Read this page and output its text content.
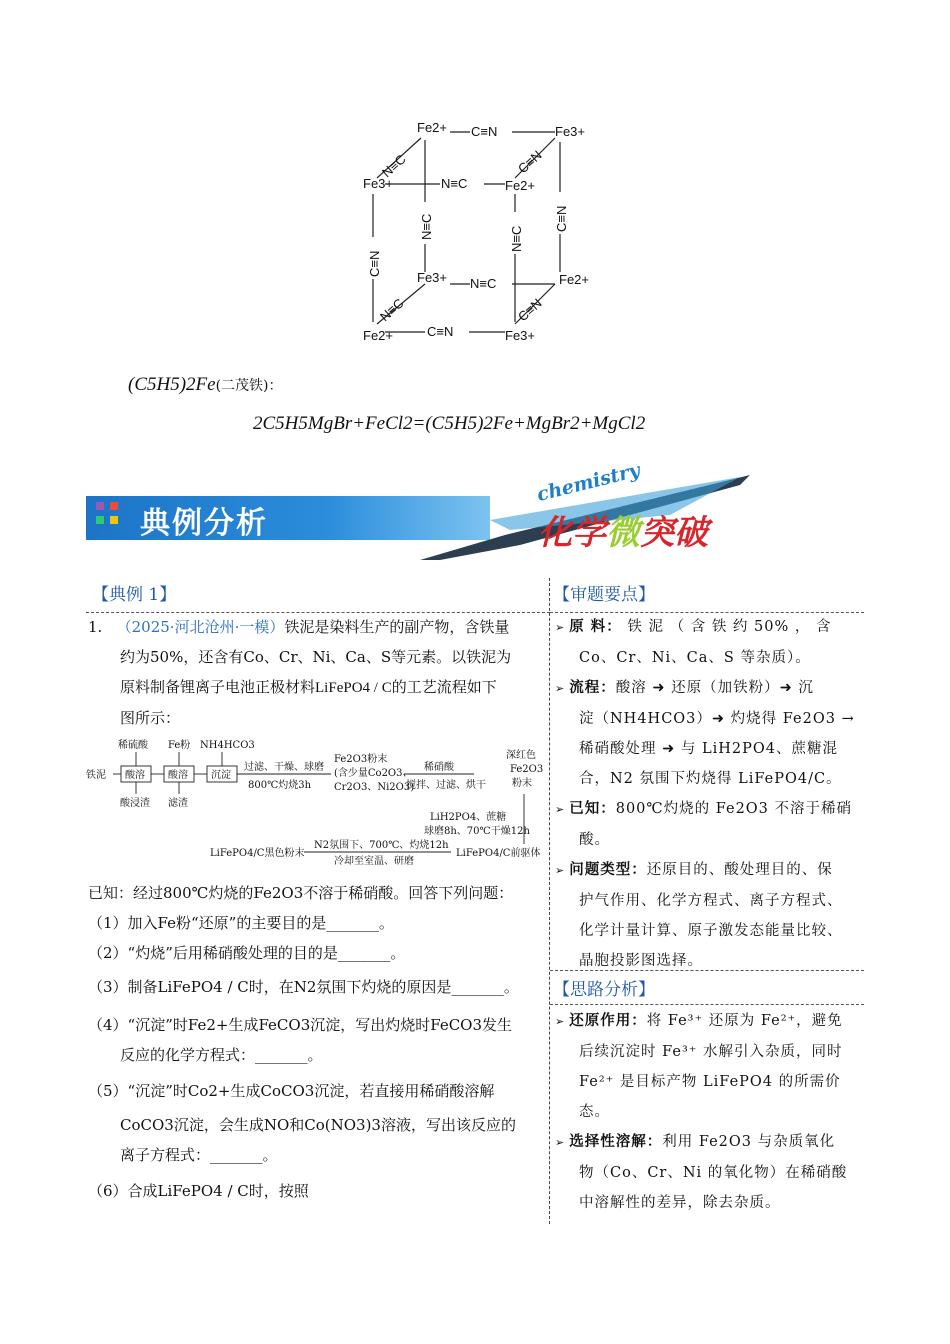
C≡N
N≡C
N≡C
C≡N
C≡N
N≡C
N≡C	C≡N
N≡C	C≡N
N≡C	C≡N
Fe2+	Fe3+
Fe3+	Fe2+
Fe3+	Fe2+
Fe2+	Fe3+
(C5H5)2Fe(二茂铁)：
2C5H5MgBr+FeCl2=(C5H5)2Fe+MgBr2+MgCl2
典例分析
chemistry
化学微突破
【典例 1】	【审题要点】
1. （2025·河北沧州·一模）铁泥是染料生产的副产物，含铁量
约为50%，还含有Co、Cr、Ni、Ca、S等元素。以铁泥为
原料制备锂离子电池正极材料LiFePO4 / C的工艺流程如下
图所示：
铁泥
稀硫酸 Fe粉 NH4HCO3
酸溶 酸溶 沉淀
酸浸渣 滤渣
过滤、干燥、球磨
800℃灼烧3h
Fe2O3粉末
(含少量Co2O3、
Cr2O3、Ni2O3)
稀硝酸
搅拌、过滤、烘干
深红色
Fe2O3
粉末
LiH2PO4、蔗糖
球磨8h、70℃干燥12h
LiFePO4/C前驱体
N2氛围下、700℃、灼烧12h
冷却至室温、研磨
LiFePO4/C黑色粉末
已知：经过800℃灼烧的Fe2O3不溶于稀硝酸。回答下列问题：
（1）加入Fe粉“还原”的主要目的是_______。
（2）“灼烧”后用稀硝酸处理的目的是_______。
（3）制备LiFePO4 / C时，在N2氛围下灼烧的原因是_______。
（4）“沉淀”时Fe2+生成FeCO3沉淀，写出灼烧时FeCO3发生
反应的化学方程式：_______。
（5）“沉淀”时Co2+生成CoCO3沉淀，若直接用稀硝酸溶解
CoCO3沉淀，会生成NO和Co(NO3)3溶液，写出该反应的
离子方程式：_______。
（6）合成LiFePO4 / C时，按照
➢ 原 料： 铁 泥 （ 含 铁 约 50% ， 含
Co、Cr、Ni、Ca、S 等杂质）。
➢ 流程：酸溶 ➜ 还原（加铁粉）➜ 沉
淀（NH4HCO3）➜ 灼烧得 Fe2O3 →
稀硝酸处理 ➜ 与 LiH2PO4、蔗糖混
合，N2 氛围下灼烧得 LiFePO4/C。
➢ 已知：800℃灼烧的 Fe2O3 不溶于稀硝
酸。
➢ 问题类型：还原目的、酸处理目的、保
护气作用、化学方程式、离子方程式、
化学计量计算、原子激发态能量比较、
晶胞投影图选择。
【思路分析】
➢ 还原作用：将 Fe³⁺ 还原为 Fe²⁺，避免
后续沉淀时 Fe³⁺ 水解引入杂质，同时
Fe²⁺ 是目标产物 LiFePO4 的所需价
态。
➢ 选择性溶解：利用 Fe2O3 与杂质氧化
物（Co、Cr、Ni 的氧化物）在稀硝酸
中溶解性的差异，除去杂质。
